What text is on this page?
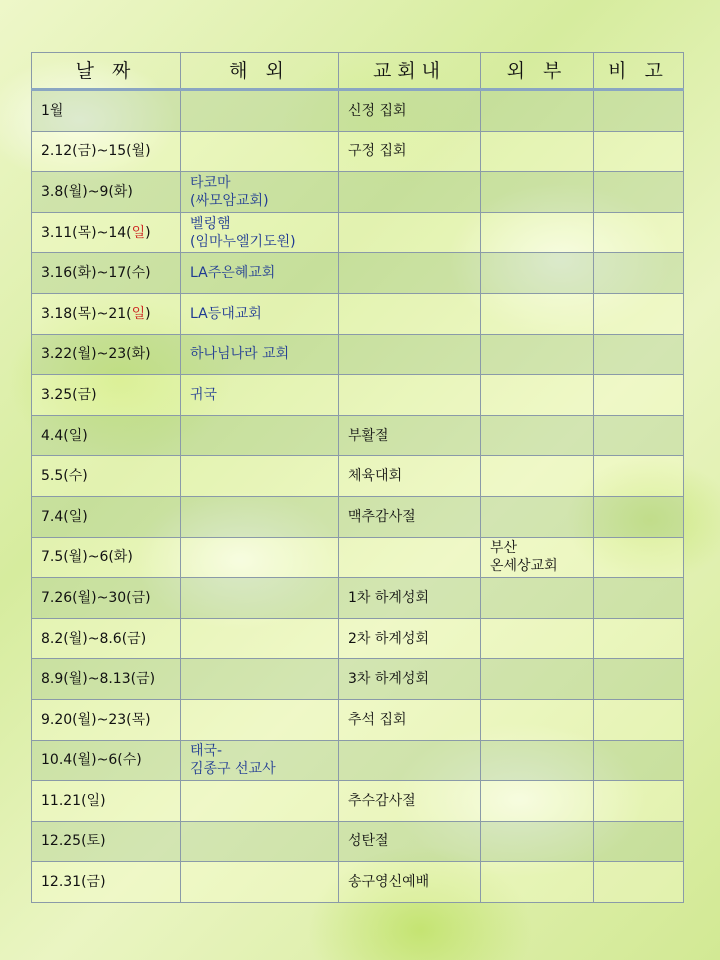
날 짜	해 외	교회내	외 부	비 고
1월		신정 집회		
2.12(금)~15(월)		구정 집회		
3.8(월)~9(화)	타코마
(싸모암교회)			
3.11(목)~14(일)	벨링햄
(임마누엘기도원)			
3.16(화)~17(수)	LA주은혜교회			
3.18(목)~21(일)	LA등대교회			
3.22(월)~23(화)	하나님나라 교회			
3.25(금)	귀국			
4.4(일)		부활절		
5.5(수)		체육대회		
7.4(일)		맥추감사절		
7.5(월)~6(화)			부산
온세상교회	
7.26(월)~30(금)		1차 하계성회		
8.2(월)~8.6(금)		2차 하계성회		
8.9(월)~8.13(금)		3차 하계성회		
9.20(월)~23(목)		추석 집회		
10.4(월)~6(수)	태국-
김종구 선교사			
11.21(일)		추수감사절		
12.25(토)		성탄절		
12.31(금)		송구영신예배		
